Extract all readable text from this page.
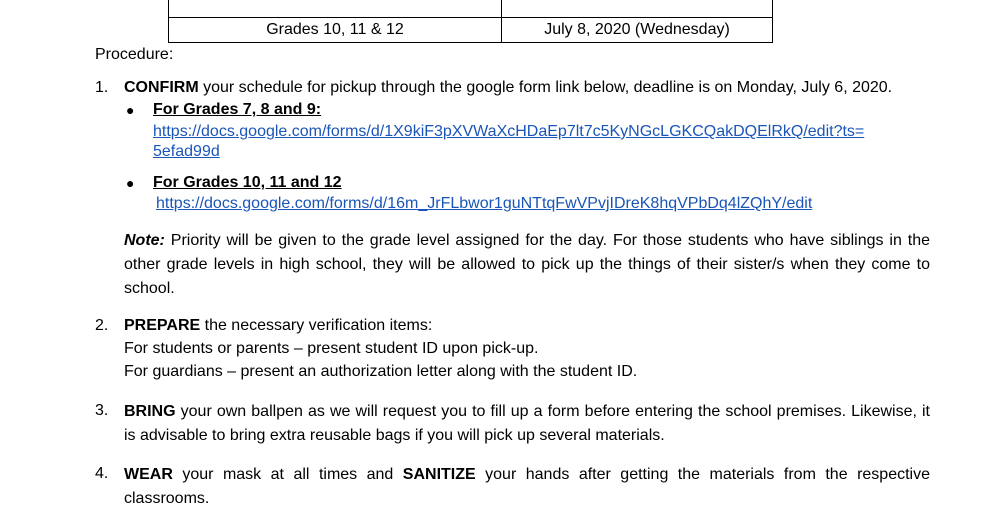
Grades 10, 11 & 12	July 8, 2020 (Wednesday)
Procedure:
1. CONFIRM your schedule for pickup through the google form link below, deadline is on Monday, July 6, 2020.
● For Grades 7, 8 and 9:
https://docs.google.com/forms/d/1X9kiF3pXVWaXcHDaEp7lt7c5KyNGcLGKCQakDQElRkQ/edit?ts=
5efad99d
● For Grades 10, 11 and 12
https://docs.google.com/forms/d/16m_JrFLbwor1guNTtqFwVPvjIDreK8hqVPbDq4lZQhY/edit
Note: Priority will be given to the grade level assigned for the day. For those students who have siblings in the other grade levels in high school, they will be allowed to pick up the things of their sister/s when they come to school.
2. PREPARE the necessary verification items:
For students or parents – present student ID upon pick-up.
For guardians – present an authorization letter along with the student ID.
3. BRING your own ballpen as we will request you to fill up a form before entering the school premises. Likewise, it is advisable to bring extra reusable bags if you will pick up several materials.
4. WEAR your mask at all times and SANITIZE your hands after getting the materials from the respective classrooms.
